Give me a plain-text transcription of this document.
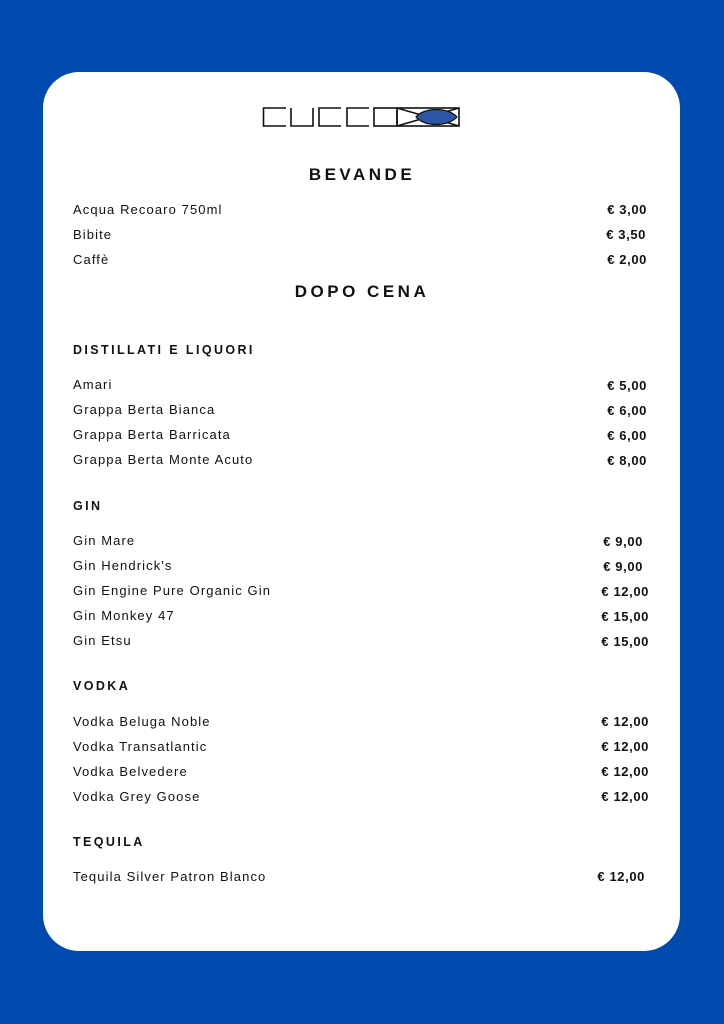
BEVANDE
Acqua Recoaro 750ml	€ 3,00
Bibite	€ 3,50
Caffè	€ 2,00
DOPO CENA
DISTILLATI E LIQUORI
Amari	€ 5,00
Grappa Berta Bianca	€ 6,00
Grappa Berta Barricata	€ 6,00
Grappa Berta Monte Acuto	€ 8,00
GIN
Gin Mare	€ 9,00
Gin Hendrick's	€ 9,00
Gin Engine Pure Organic Gin	€ 12,00
Gin Monkey 47	€ 15,00
Gin Etsu	€ 15,00
VODKA
Vodka Beluga Noble	€ 12,00
Vodka Transatlantic	€ 12,00
Vodka Belvedere	€ 12,00
Vodka Grey Goose	€ 12,00
TEQUILA
Tequila Silver Patron Blanco	€ 12,00
